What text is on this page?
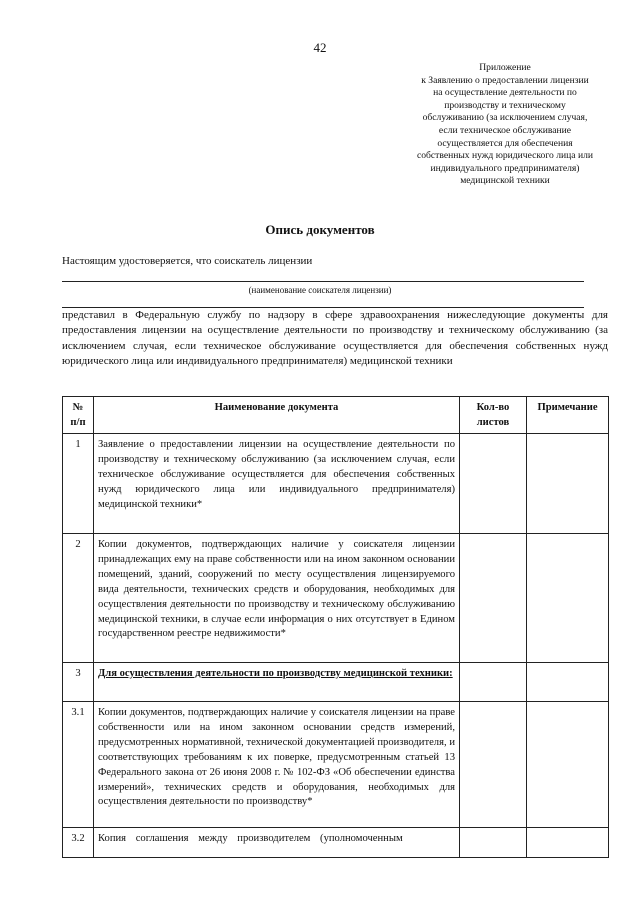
42
Приложение
к Заявлению о предоставлении лицензии
на осуществление деятельности по
производству и техническому
обслуживанию (за исключением случая,
если техническое обслуживание
осуществляется для обеспечения
собственных нужд юридического лица или
индивидуального предпринимателя)
медицинской техники
Опись документов
Настоящим удостоверяется, что соискатель лицензии
(наименование соискателя лицензии)
представил в Федеральную службу по надзору в сфере здравоохранения нижеследующие документы для предоставления лицензии на осуществление деятельности по производству и техническому обслуживанию (за исключением случая, если техническое обслуживание осуществляется для обеспечения собственных нужд юридического лица или индивидуального предпринимателя) медицинской техники
№ п/п	Наименование документа	Кол-во листов	Примечание
1	Заявление о предоставлении лицензии на осуществление деятельности по производству и техническому обслуживанию (за исключением случая, если техническое обслуживание осуществляется для обеспечения собственных нужд юридического лица или индивидуального предпринимателя) медицинской техники*		
2	Копии документов, подтверждающих наличие у соискателя лицензии принадлежащих ему на праве собственности или на ином законном основании помещений, зданий, сооружений по месту осуществления лицензируемого вида деятельности, технических средств и оборудования, необходимых для осуществления деятельности по производству и техническому обслуживанию медицинской техники, в случае если информация о них отсутствует в Едином государственном реестре недвижимости*		
3	Для осуществления деятельности по производству медицинской техники:		
3.1	Копии документов, подтверждающих наличие у соискателя лицензии на праве собственности или на ином законном основании средств измерений, предусмотренных нормативной, технической документацией производителя, и соответствующих требованиям к их поверке, предусмотренным статьей 13 Федерального закона от 26 июня 2008 г. № 102-ФЗ «Об обеспечении единства измерений», технических средств и оборудования, необходимых для осуществления деятельности по производству*		
3.2	Копия соглашения между производителем (уполномоченным		
